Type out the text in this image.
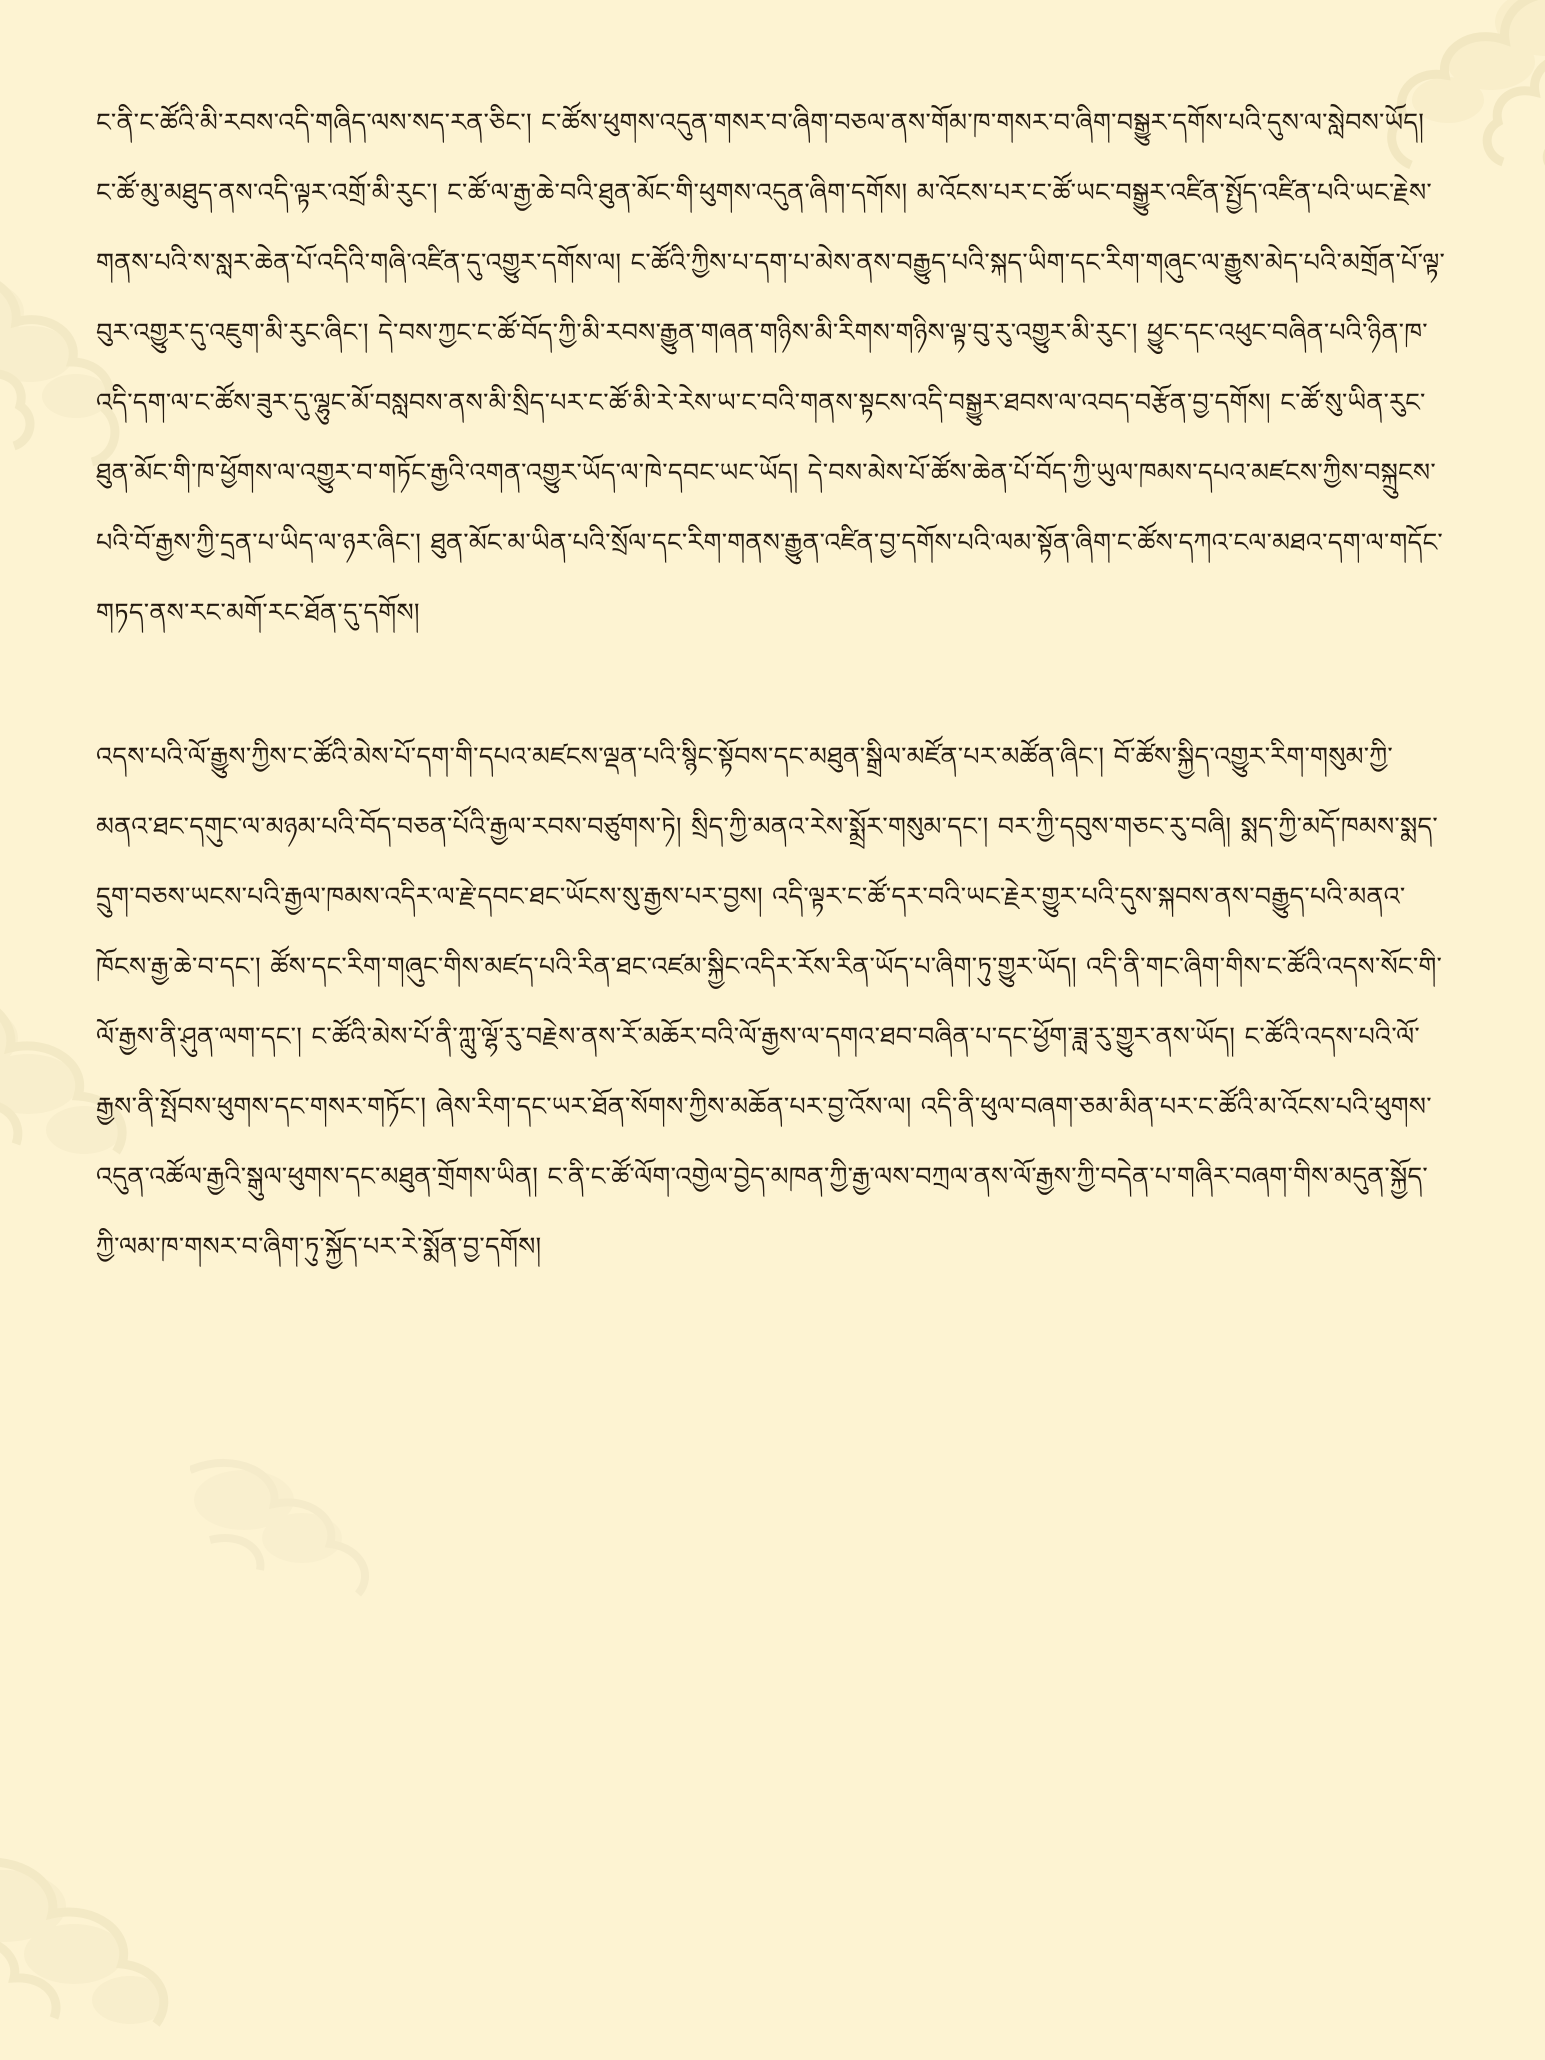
ང་ནི་ང་ཚོའི་མི་རབས་འདི་གཞིད་ལས་སད་རན་ཅིང་། ང་ཚོས་ཕུགས་འདུན་གསར་བ་ཞིག་བཅལ་ནས་གོམ་ཁ་གསར་བ་ཞིག་བསྒྱུར་དགོས་པའི་དུས་ལ་སླེབས་ཡོད། ང་ཚོ་མུ་མཐུད་ནས་འདི་ལྟར་འགྲོ་མི་རུང་། ང་ཚོ་ལ་རྒྱ་ཆེ་བའི་ཐུན་མོང་གི་ཕུགས་འདུན་ཞིག་དགོས། མ་འོངས་པར་ང་ཚོ་ཡང་བསྒྱུར་འཛིན་སྤྱོད་འཛིན་པའི་ཡང་རྗེས་གནས་པའི་ས་སླར་ཆེན་པོ་འདིའི་གཞི་འཛིན་དུ་འགྱུར་དགོས་ལ། ང་ཚོའི་ཀྱིས་པ་དག་པ་མེས་ནས་བརྒྱུད་པའི་སྐད་ཡིག་དང་རིག་གཞུང་ལ་རྒྱུས་མེད་པའི་མགྲོན་པོ་ལྟ་བུར་འགྱུར་དུ་འཇུག་མི་རུང་ཞིང་། དེ་བས་ཀྱང་ང་ཚོ་བོད་ཀྱི་མི་རབས་རྒྱུན་གཞན་གཉིས་མི་རིགས་གཉིས་ལྟ་བུ་རུ་འགྱུར་མི་རུང་། ཕྱུང་དང་འཕུང་བཞིན་པའི་ཉིན་ཁ་འདི་དག་ལ་ང་ཚོས་ཟུར་དུ་ལྷུང་མོ་བསླབས་ནས་མི་སྲིད་པར་ང་ཚོ་མི་རེ་རེས་ཡ་ང་བའི་གནས་སྟངས་འདི་བསྒྱུར་ཐབས་ལ་འབད་བརྩོན་བྱ་དགོས། ང་ཚོ་སུ་ཡིན་རུང་ཐུན་མོང་གི་ཁ་ཕྱོགས་ལ་འགྱུར་བ་གཏོང་རྒྱའི་འགན་འགྱུར་ཡོད་ལ་ཁེ་དབང་ཡང་ཡོད། དེ་བས་མེས་པོ་ཚོས་ཆེན་པོ་བོད་ཀྱི་ཡུལ་ཁམས་དཔའ་མཛངས་ཀྱིས་བསྐྲུངས་པའི་བོ་རྒྱས་ཀྱི་དྲན་པ་ཡིད་ལ་ཉར་ཞིང་། ཐུན་མོང་མ་ཡིན་པའི་སྲོལ་དང་རིག་གནས་རྒྱུན་འཛིན་བྱ་དགོས་པའི་ལམ་སྟོན་ཞིག་ང་ཚོས་དཀའ་ངལ་མཐའ་དག་ལ་གདོང་གཏད་ནས་རང་མགོ་རང་ཐོན་དུ་དགོས།

འདས་པའི་ལོ་རྒྱུས་ཀྱིས་ང་ཚོའི་མེས་པོ་དག་གི་དཔའ་མཛངས་ལྡན་པའི་སྙིང་སྟོབས་དང་མཐུན་སྒྲིལ་མཛོན་པར་མཚོན་ཞིང་། བོ་ཚོས་སྐྱིད་འགྱུར་རིག་གསུམ་ཀྱི་མནའ་ཐང་དགུང་ལ་མཉམ་པའི་བོད་བཅན་པོའི་རྒྱལ་རབས་བཙུགས་ཏེ། སྲིད་ཀྱི་མནའ་རེས་སྨྲོར་གསུམ་དང་། བར་ཀྱི་དབུས་གཅང་རུ་བཞི། སྨད་ཀྱི་མདོ་ཁམས་སྨད་དྲུག་བཅས་ཡངས་པའི་རྒྱལ་ཁམས་འདིར་ལ་རྗེ་དབང་ཐང་ཡོངས་སུ་རྒྱས་པར་བྱས། འདི་ལྟར་ང་ཚོ་དར་བའི་ཡང་རྗེར་གྱུར་པའི་དུས་སྐབས་ནས་བརྒྱུད་པའི་མནའ་ཁོངས་རྒྱ་ཆེ་བ་དང་། ཚོས་དང་རིག་གཞུང་གིས་མཛད་པའི་རིན་ཐང་འཛམ་སྐྱིང་འདིར་རོས་རིན་ཡོད་པ་ཞིག་ཏུ་གྱུར་ཡོད། འདི་ནི་གང་ཞིག་གིས་ང་ཚོའི་འདས་སོང་གི་ལོ་རྒྱས་ནི་ཤུན་ལག་དང་། ང་ཚོའི་མེས་པོ་ནི་ཀླུ་ལྷོ་རུ་བརྗེས་ནས་རོ་མཆོར་བའི་ལོ་རྒྱས་ལ་དགའ་ཐབ་བཞིན་པ་དང་ཕྱོག་ཟླ་རུ་གྱུར་ནས་ཡོད། ང་ཚོའི་འདས་པའི་ལོ་རྒྱས་ནི་སྤོབས་ཕུགས་དང་གསར་གཏོང་། ཞེས་རིག་དང་ཡར་ཐོན་སོགས་ཀྱིས་མཆོན་པར་བྱ་འོས་ལ། འདི་ནི་ཕུལ་བཞག་ཅམ་མིན་པར་ང་ཚོའི་མ་འོངས་པའི་ཕུགས་འདུན་འཚོལ་རྒྱའི་སྒུལ་ཕུགས་དང་མཐུན་གྲོགས་ཡིན། ང་ནི་ང་ཚོ་ལོག་འགྱེལ་བྱེད་མཁན་ཀྱི་རྒྱ་ལས་བཀྲལ་ནས་ལོ་རྒྱས་ཀྱི་བདེན་པ་གཞིར་བཞག་གིས་མདུན་སྐྱོད་ཀྱི་ལམ་ཁ་གསར་བ་ཞིག་ཏུ་སྐྱོད་པར་རེ་སྨོན་བྱ་དགོས།
